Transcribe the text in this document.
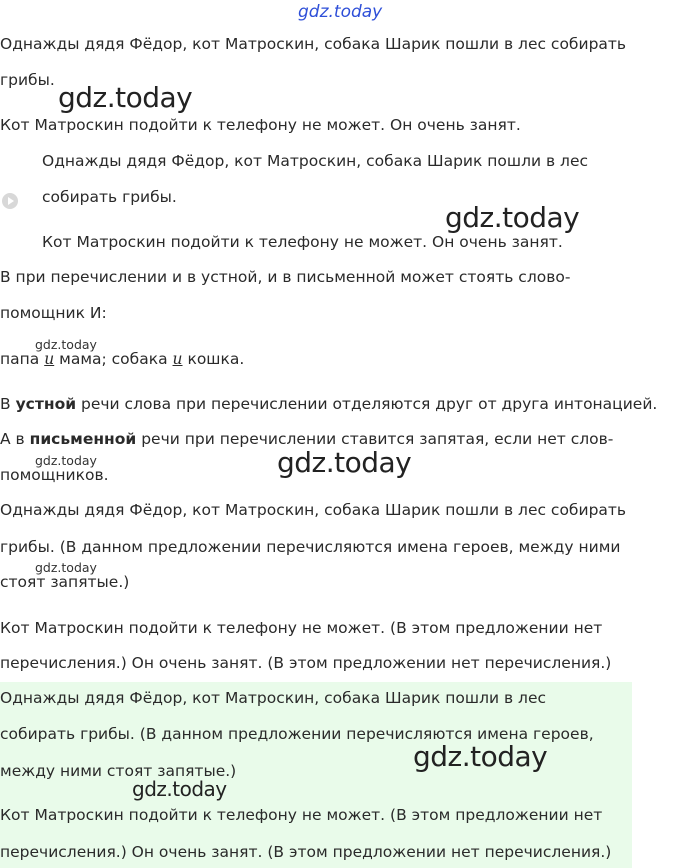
gdz.today
Однажды дядя Фёдор, кот Матроскин, собака Шарик пошли в лес собирать
грибы.
gdz.today
Кот Матроскин подойти к телефону не может. Он очень занят.
Однажды дядя Фёдор, кот Матроскин, собака Шарик пошли в лес
собирать грибы.
gdz.today
Кот Матроскин подойти к телефону не может. Он очень занят.
В при перечислении и в устной, и в письменной может стоять слово-
помощник И:
gdz.today
папа и мама; собака и кошка.
В устной речи слова при перечислении отделяются друг от друга интонацией.
А в письменной речи при перечислении ставится запятая, если нет слов-
gdz.today	gdz.today
помощников.
Однажды дядя Фёдор, кот Матроскин, собака Шарик пошли в лес собирать
грибы. (В данном предложении перечисляются имена героев, между ними
gdz.today
стоят запятые.)
Кот Матроскин подойти к телефону не может. (В этом предложении нет
перечисления.) Он очень занят. (В этом предложении нет перечисления.)
Однажды дядя Фёдор, кот Матроскин, собака Шарик пошли в лес
собирать грибы. (В данном предложении перечисляются имена героев,
gdz.today
между ними стоят запятые.)
gdz.today
Кот Матроскин подойти к телефону не может. (В этом предложении нет
перечисления.) Он очень занят. (В этом предложении нет перечисления.)
